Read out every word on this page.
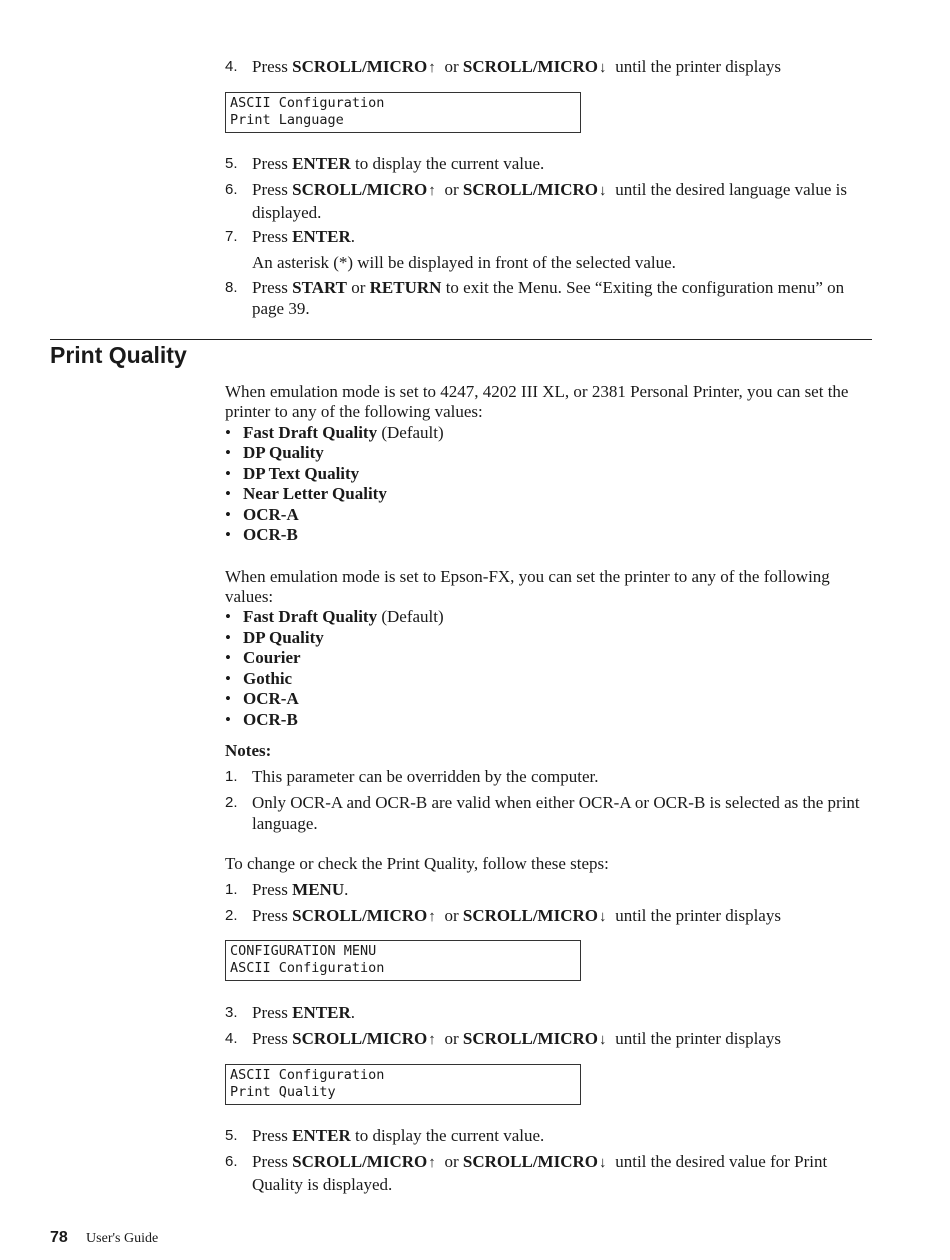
4. Press SCROLL/MICRO↑ or SCROLL/MICRO↓ until the printer displays
ASCII Configuration
Print Language
5. Press ENTER to display the current value.
6. Press SCROLL/MICRO↑ or SCROLL/MICRO↓ until the desired language value is displayed.
7. Press ENTER.
An asterisk (*) will be displayed in front of the selected value.
8. Press START or RETURN to exit the Menu. See “Exiting the configuration menu” on page 39.
Print Quality
When emulation mode is set to 4247, 4202 III XL, or 2381 Personal Printer, you can set the printer to any of the following values:
• Fast Draft Quality (Default)
• DP Quality
• DP Text Quality
• Near Letter Quality
• OCR-A
• OCR-B
When emulation mode is set to Epson-FX, you can set the printer to any of the following values:
• Fast Draft Quality (Default)
• DP Quality
• Courier
• Gothic
• OCR-A
• OCR-B
Notes:
1. This parameter can be overridden by the computer.
2. Only OCR-A and OCR-B are valid when either OCR-A or OCR-B is selected as the print language.
To change or check the Print Quality, follow these steps:
1. Press MENU.
2. Press SCROLL/MICRO↑ or SCROLL/MICRO↓ until the printer displays
CONFIGURATION MENU
ASCII Configuration
3. Press ENTER.
4. Press SCROLL/MICRO↑ or SCROLL/MICRO↓ until the printer displays
ASCII Configuration
Print Quality
5. Press ENTER to display the current value.
6. Press SCROLL/MICRO↑ or SCROLL/MICRO↓ until the desired value for Print Quality is displayed.
78 User's Guide
